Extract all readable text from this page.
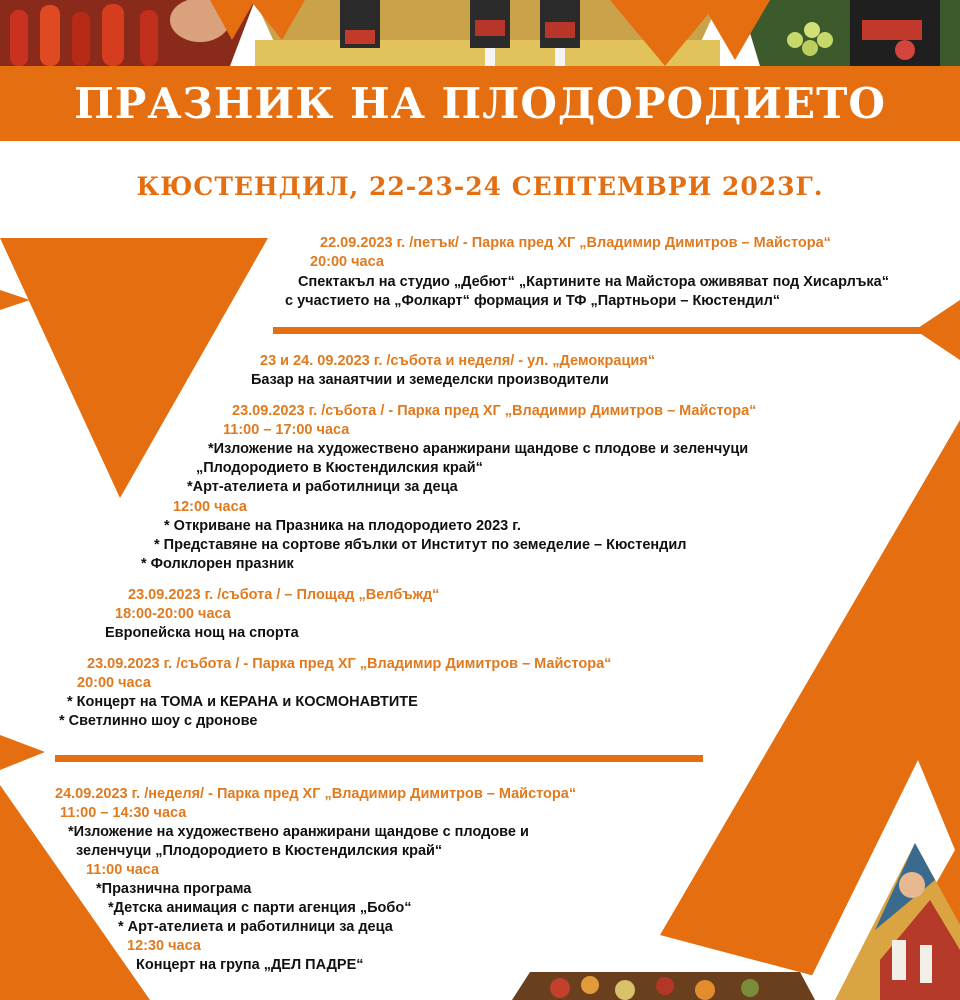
ПРАЗНИК НА ПЛОДОРОДИЕТО
КЮСТЕНДИЛ, 22-23-24 СЕПТЕМВРИ 2023Г.
22.09.2023 г. /петък/ - Парка пред ХГ „Владимир Димитров – Майстора“
20:00 часа
Спектакъл на студио „Дебют“ „Картините на Майстора оживяват под Хисарлъка“
с участието на „Фолкарт“ формация и ТФ „Партньори – Кюстендил“
23 и 24. 09.2023 г. /събота и неделя/ - ул. „Демокрация“
Базар на занаятчии и земеделски производители
23.09.2023 г. /събота / - Парка пред ХГ „Владимир Димитров – Майстора“
11:00 – 17:00 часа
*Изложение на художествено аранжирани щандове с плодове и зеленчуци
„Плодородието в Кюстендилския край“
*Арт-ателиета и работилници за деца
12:00 часа
* Откриване на Празника на плодородието 2023 г.
* Представяне на сортове ябълки от Институт по земеделие – Кюстендил
* Фолклорен празник
23.09.2023 г. /събота / – Площад „Велбъжд“
18:00-20:00 часа
Европейска нощ на спорта
23.09.2023 г. /събота / - Парка пред ХГ „Владимир Димитров – Майстора“
20:00 часа
* Концерт на ТОМА и КЕРАНА и КОСМОНАВТИТЕ
* Светлинно шоу с дронове
24.09.2023 г. /неделя/ - Парка пред ХГ „Владимир Димитров – Майстора“
11:00 – 14:30 часа
*Изложение на художествено аранжирани щандове с плодове и
зеленчуци „Плодородието в Кюстендилския край“
11:00 часа
*Празнична програма
*Детска анимация с парти агенция „Бобо“
* Арт-ателиета и работилници за деца
12:30 часа
Концерт на група „ДЕЛ ПАДРЕ“
